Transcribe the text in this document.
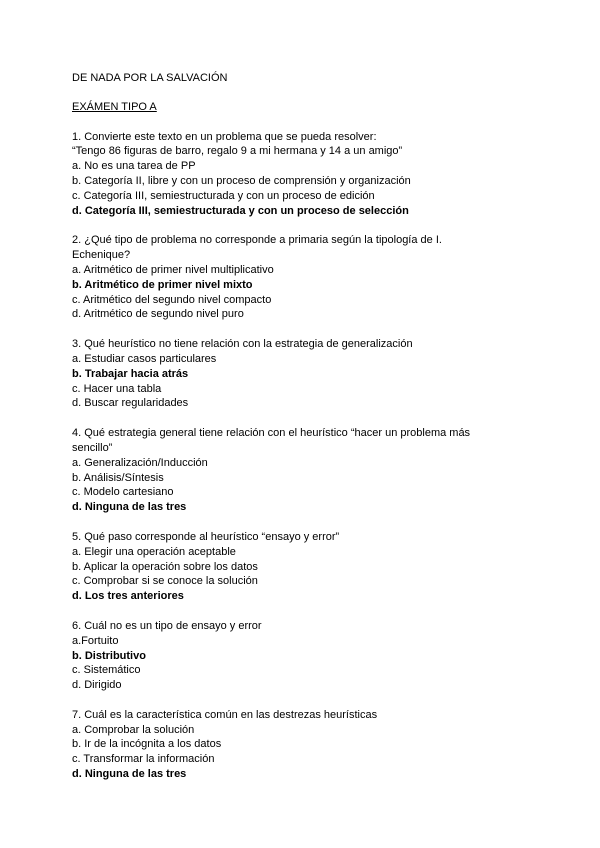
DE NADA POR LA SALVACIÓN
EXÁMEN TIPO A
1. Convierte este texto en un problema que se pueda resolver:
“Tengo 86 figuras de barro, regalo 9 a mi hermana y 14 a un amigo”
a. No es una tarea de PP
b. Categoría II, libre y con un proceso de comprensión y organización
c. Categoría III, semiestructurada y con un proceso de edición
d. Categoría III, semiestructurada y con un proceso de selección
2. ¿Qué tipo de problema no corresponde a primaria según la tipología de I.
Echenique?
a. Aritmético de primer nivel multiplicativo
b. Aritmético de primer nivel mixto
c. Aritmético del segundo nivel compacto
d. Aritmético de segundo nivel puro
3. Qué heurístico no tiene relación con la estrategia de generalización
a. Estudiar casos particulares
b. Trabajar hacia atrás
c. Hacer una tabla
d. Buscar regularidades
4. Qué estrategia general tiene relación con el heurístico “hacer un problema más
sencillo”
a. Generalización/Inducción
b. Análisis/Síntesis
c. Modelo cartesiano
d. Ninguna de las tres
5. Qué paso corresponde al heurístico “ensayo y error”
a. Elegir una operación aceptable
b. Aplicar la operación sobre los datos
c. Comprobar si se conoce la solución
d. Los tres anteriores
6. Cuál no es un tipo de ensayo y error
a.Fortuito
b. Distributivo
c. Sistemático
d. Dirigido
7. Cuál es la característica común en las destrezas heurísticas
a. Comprobar la solución
b. Ir de la incógnita a los datos
c. Transformar la información
d. Ninguna de las tres
